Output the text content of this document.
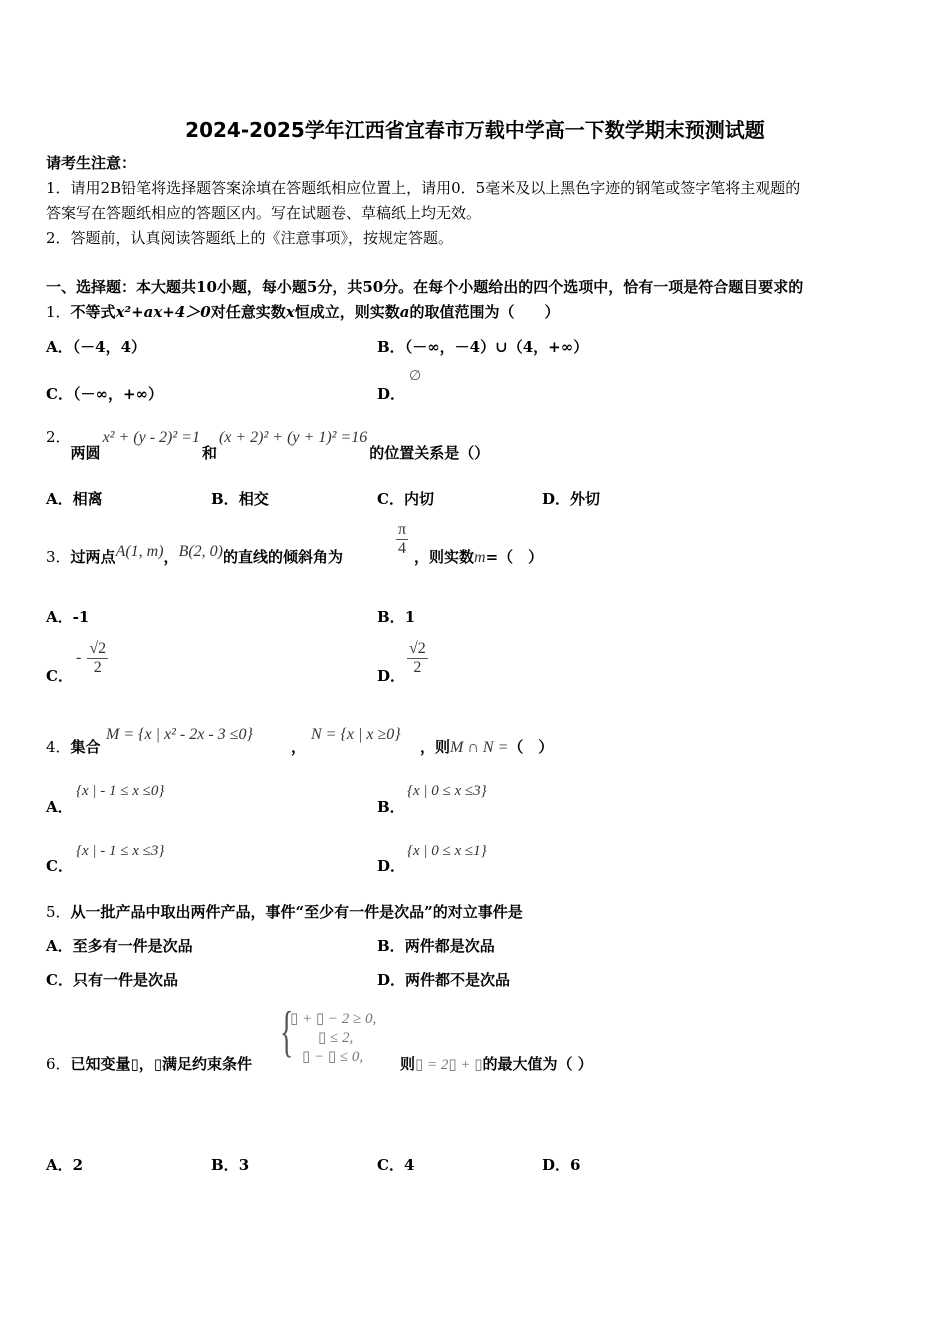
2024-2025学年江西省宜春市万载中学高一下数学期末预测试题
请考生注意：
1．请用2B铅笔将选择题答案涂填在答题纸相应位置上，请用0．5毫米及以上黑色字迹的钢笔或签字笔将主观题的
答案写在答题纸相应的答题区内。写在试题卷、草稿纸上均无效。
2．答题前，认真阅读答题纸上的《注意事项》，按规定答题。
一、选择题：本大题共10小题，每小题5分，共50分。在每个小题给出的四个选项中，恰有一项是符合题目要求的
1．不等式x²+ax+4＞0对任意实数x恒成立，则实数a的取值范围为（　　）
A．（－4，4）	B．（－∞，－4）∪（4，+∞）
C．（－∞，+∞）	D．
∅
2．两圆x² + (y - 2)² =1和(x + 2)² + (y + 1)² =16的位置关系是（）
A．相离	B．相交	C．内切	D．外切
3．过两点A(1, m)，B(2, 0)的直线的倾斜角为	$\frac{\pi}{4}$ ，则实数m=（　）
A．-1	B．1
C．
- $\frac{√2}{2}$	D． $\frac{√2}{2}$
4．集合
M = {x | x² - 2x - 3 ≤0}
，
N = {x | x ≥0}
，则M ∩ N =（　）
A．
{x | - 1 ≤ x ≤0}
B．
{x | 0 ≤ x ≤3}
C．
{x | - 1 ≤ x ≤3}
D．
{x | 0 ≤ x ≤1}
5．从一批产品中取出两件产品，事件“至少有一件是次品”的对立事件是
A．至多有一件是次品	B．两件都是次品
C．只有一件是次品	D．两件都不是次品
6．已知变量▯，▯满足约束条件
{
▯ + ▯ − 2 ≥ 0,
▯ ≤ 2,
▯ − ▯ ≤ 0, 则▯ = 2▯ + ▯的最大值为（ ）
A．2	B．3	C．4	D．6
